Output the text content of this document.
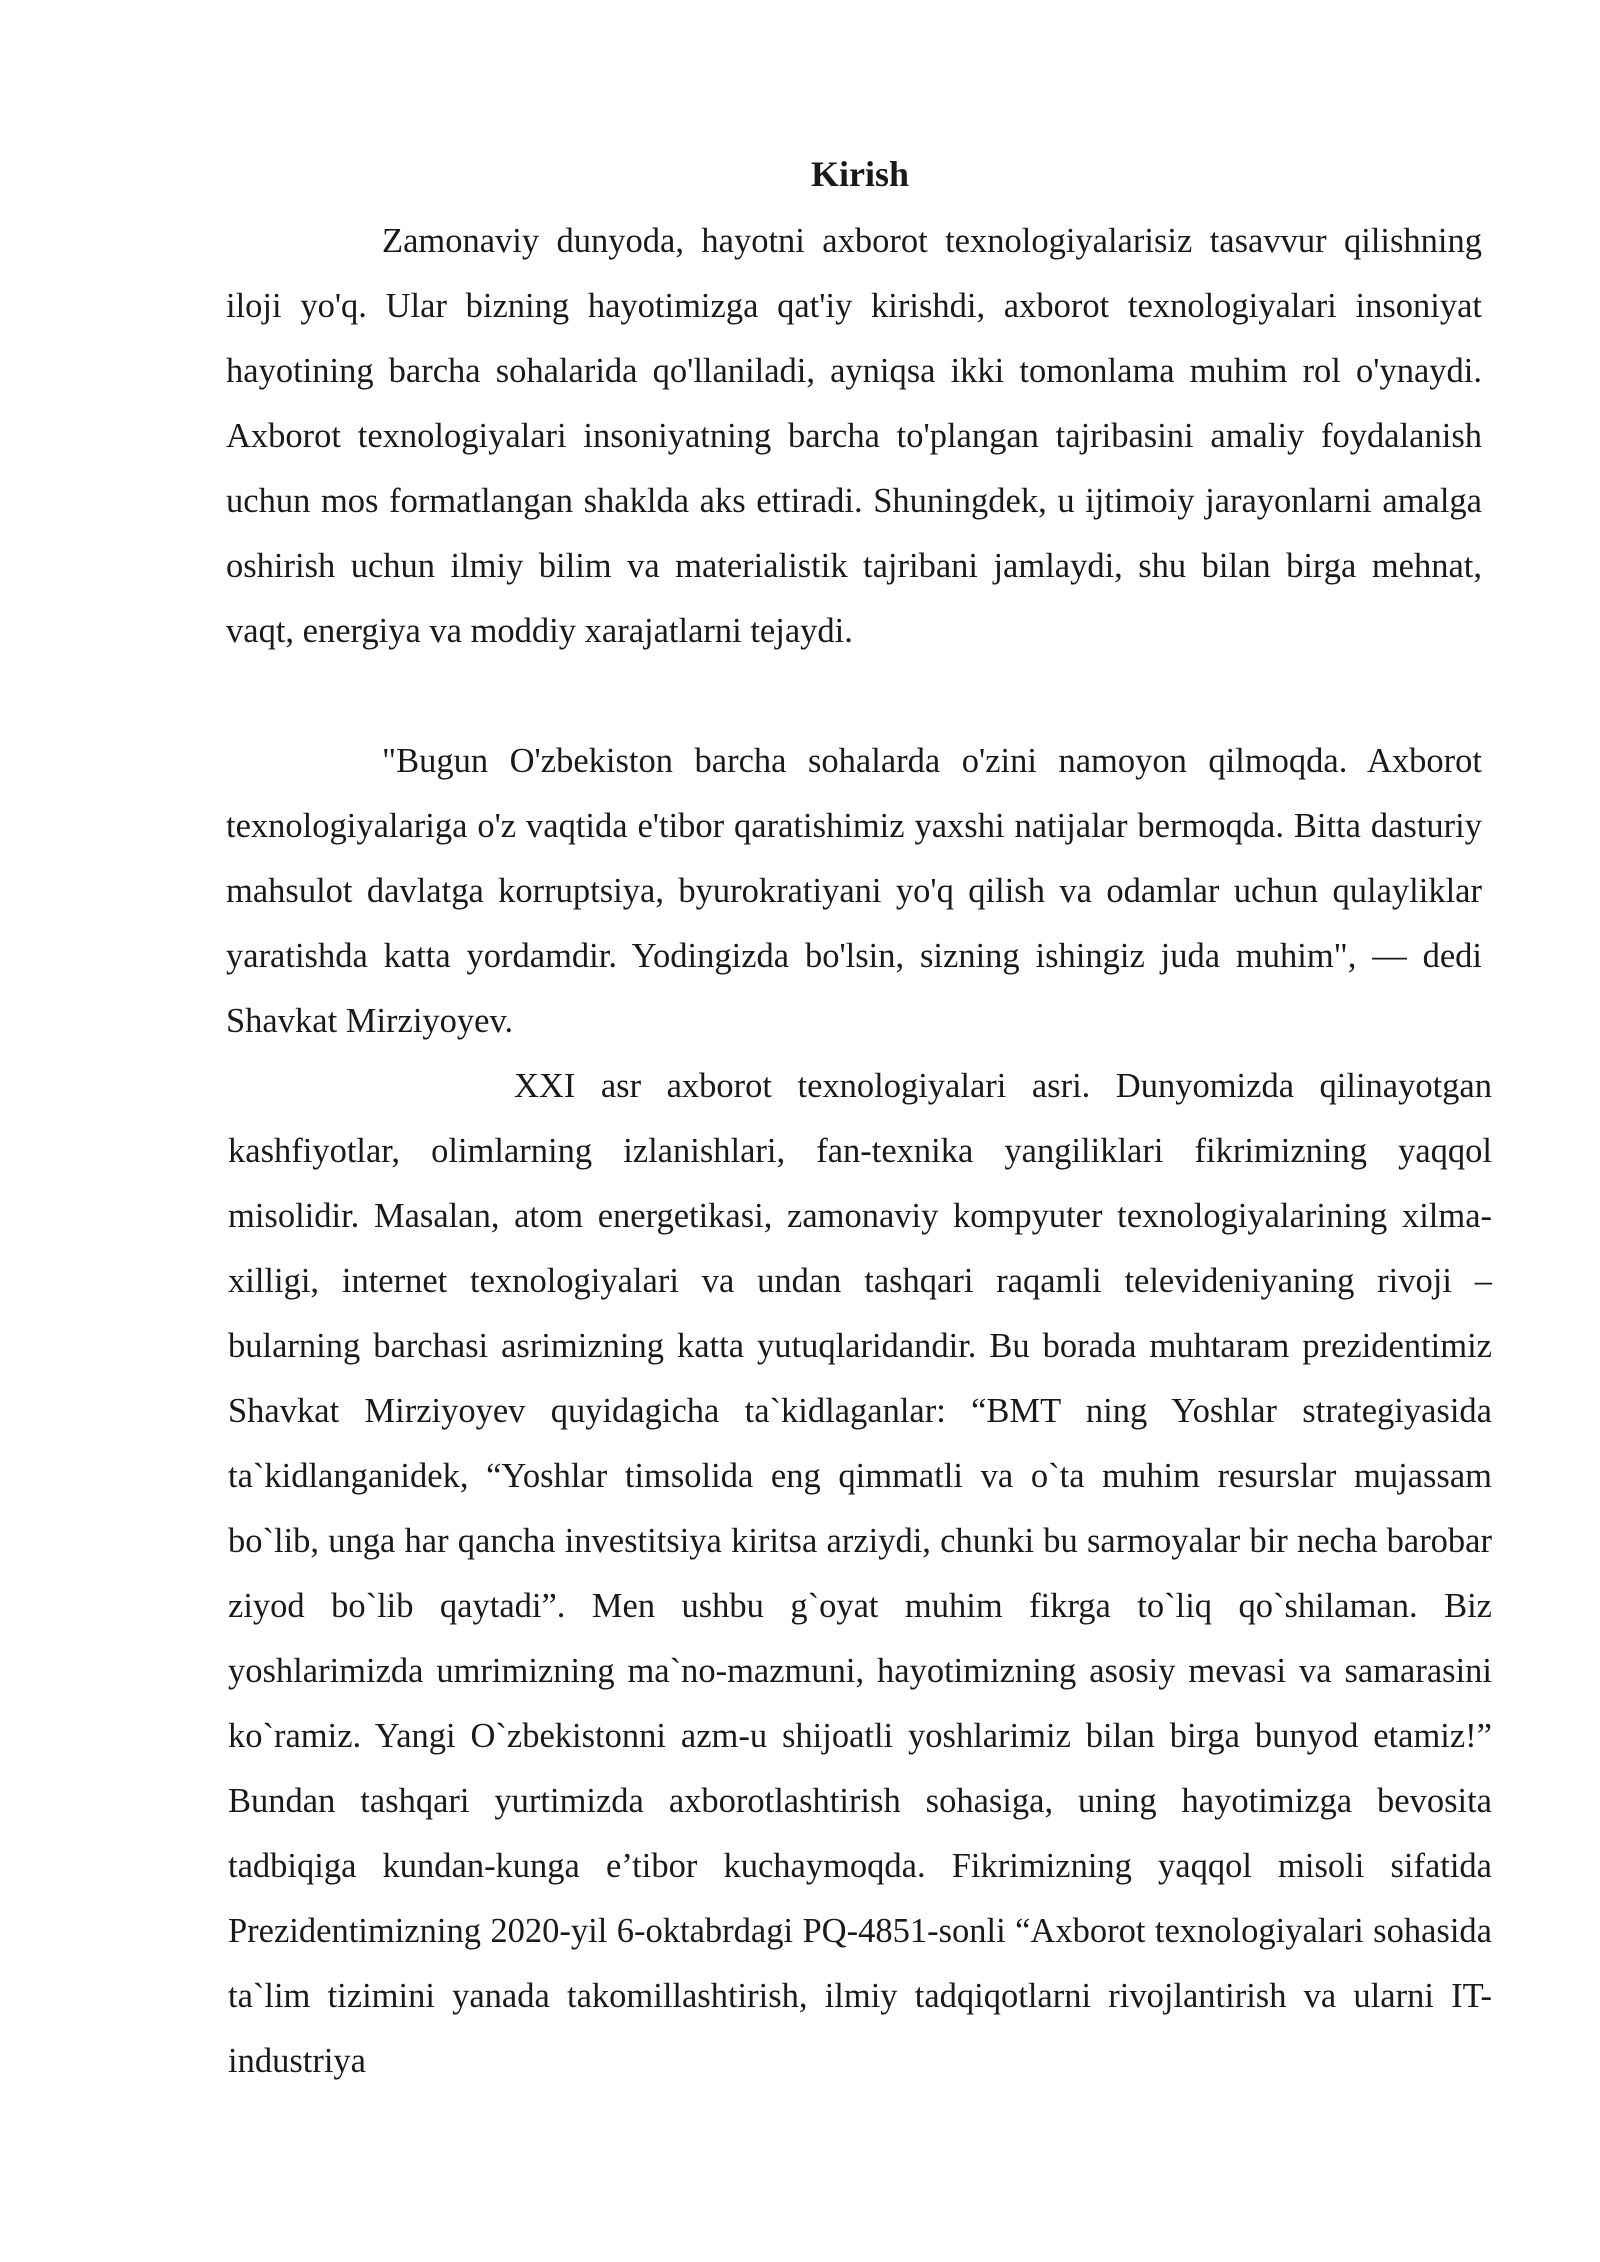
Kirish

Zamonaviy dunyoda, hayotni axborot texnologiyalarisiz tasavvur qilishning iloji yo'q. Ular bizning hayotimizga qat'iy kirishdi, axborot texnologiyalari insoniyat hayotining barcha sohalarida qo'llaniladi, ayniqsa ikki tomonlama muhim rol o'ynaydi. Axborot texnologiyalari insoniyatning barcha to'plangan tajribasini amaliy foydalanish uchun mos formatlangan shaklda aks ettiradi. Shuningdek, u ijtimoiy jarayonlarni amalga oshirish uchun ilmiy bilim va materialistik tajribani jamlaydi, shu bilan birga mehnat, vaqt, energiya va moddiy xarajatlarni tejaydi.

"Bugun O'zbekiston barcha sohalarda o'zini namoyon qilmoqda. Axborot texnologiyalariga o'z vaqtida e'tibor qaratishimiz yaxshi natijalar bermoqda. Bitta dasturiy mahsulot davlatga korruptsiya, byurokratiyani yo'q qilish va odamlar uchun qulayliklar yaratishda katta yordamdir. Yodingizda bo'lsin, sizning ishingiz juda muhim", — dedi Shavkat Mirziyoyev.

XXI asr axborot texnologiyalari asri. Dunyomizda qilinayotgan kashfiyotlar, olimlarning izlanishlari, fan-texnika yangiliklari fikrimizning yaqqol misolidir. Masalan, atom energetikasi, zamonaviy kompyuter texnologiyalarining xilma-xilligi, internet texnologiyalari va undan tashqari raqamli televideniyaning rivoji – bularning barchasi asrimizning katta yutuqlaridandir. Bu borada muhtaram prezidentimiz Shavkat Mirziyoyev quyidagicha ta`kidlaganlar: “BMT ning Yoshlar strategiyasida ta`kidlanganidek, “Yoshlar timsolida eng qimmatli va o`ta muhim resurslar mujassam bo`lib, unga har qancha investitsiya kiritsa arziydi, chunki bu sarmoyalar bir necha barobar ziyod bo`lib qaytadi”. Men ushbu g`oyat muhim fikrga to`liq qo`shilaman. Biz yoshlarimizda umrimizning ma`no-mazmuni, hayotimizning asosiy mevasi va samarasini ko`ramiz. Yangi O`zbekistonni azm-u shijoatli yoshlarimiz bilan birga bunyod etamiz!” Bundan tashqari yurtimizda axborotlashtirish sohasiga, uning hayotimizga bevosita tadbiqiga kundan-kunga e’tibor kuchaymoqda. Fikrimizning yaqqol misoli sifatida Prezidentimizning 2020-yil 6-oktabrdagi PQ-4851-sonli “Axborot texnologiyalari sohasida ta`lim tizimini yanada takomillashtirish, ilmiy tadqiqotlarni rivojlantirish va ularni IT-industriya
